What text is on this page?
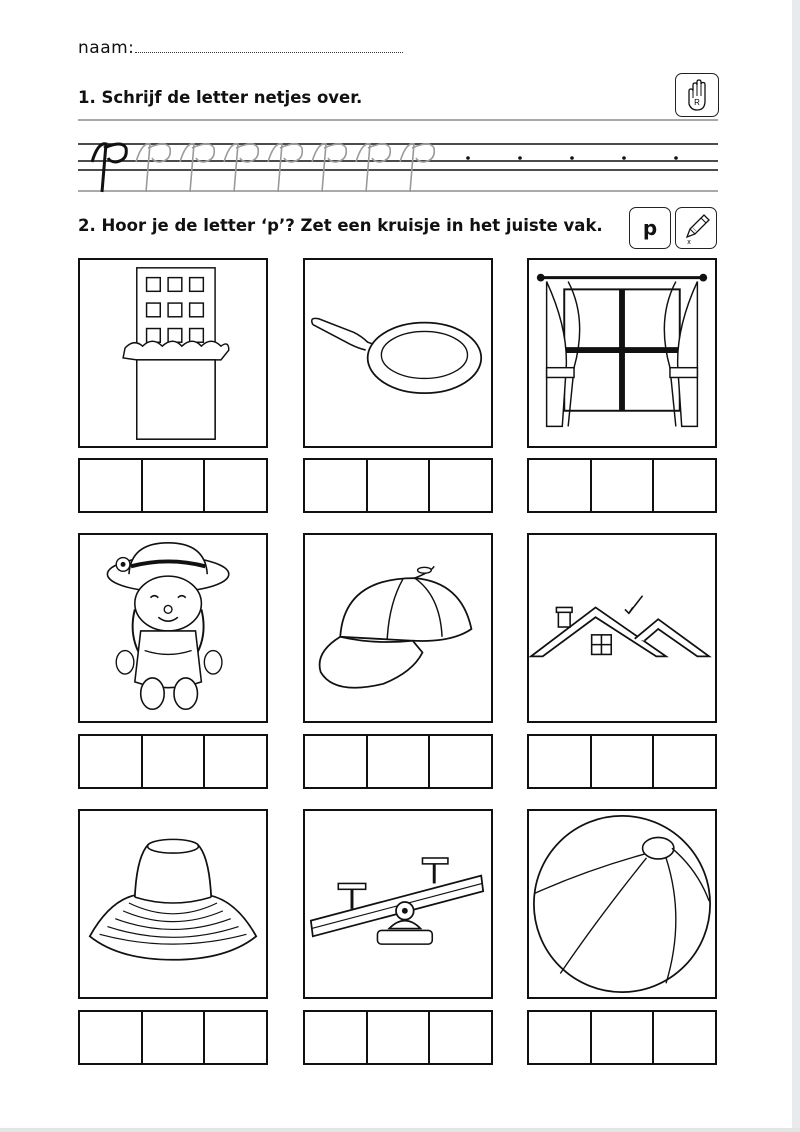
naam:
1. Schrijf de letter netjes over.	R
2. Hoor je de letter ‘p’? Zet een kruisje in het juiste vak.	p
x
